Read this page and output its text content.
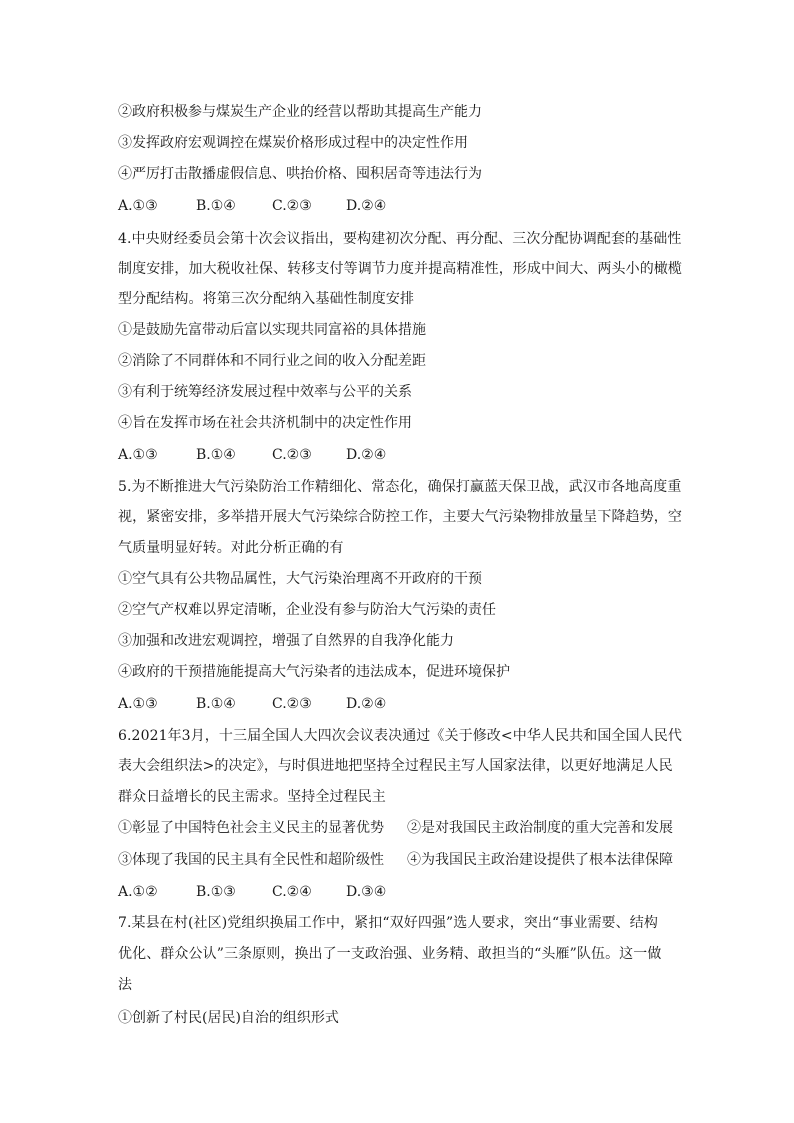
②政府积极参与煤炭生产企业的经营以帮助其提高生产能力
③发挥政府宏观调控在煤炭价格形成过程中的决定性作用
④严厉打击散播虚假信息、哄抬价格、囤积居奇等违法行为
A.①③	B.①④	C.②③ D.②④
4.中央财经委员会第十次会议指出，要构建初次分配、再分配、三次分配协调配套的基础性
制度安排，加大税收社保、转移支付等调节力度并提高精准性，形成中间大、两头小的橄榄
型分配结构。将第三次分配纳入基础性制度安排
①是鼓励先富带动后富以实现共同富裕的具体措施
②消除了不同群体和不同行业之间的收入分配差距
③有利于统筹经济发展过程中效率与公平的关系
④旨在发挥市场在社会共济机制中的决定性作用
A.①③	B.①④	C.②③ D.②④
5.为不断推进大气污染防治工作精细化、常态化，确保打赢蓝天保卫战，武汉市各地高度重
视，紧密安排，多举措开展大气污染综合防控工作，主要大气污染物排放量呈下降趋势，空
气质量明显好转。对此分析正确的有
①空气具有公共物品属性，大气污染治理离不开政府的干预
②空气产权难以界定清晰，企业没有参与防治大气污染的责任
③加强和改进宏观调控，增强了自然界的自我净化能力
④政府的干预措施能提高大气污染者的违法成本，促进环境保护
A.①③	B.①④	C.②③ D.②④
6.2021年3月，十三届全国人大四次会议表决通过《关于修改<中华人民共和国全国人民代
表大会组织法>的决定》，与时俱进地把坚持全过程民主写人国家法律，以更好地满足人民
群众日益增长的民主需求。坚持全过程民主
①彰显了中国特色社会主义民主的显著优势 ②是对我国民主政治制度的重大完善和发展
③体现了我国的民主具有全民性和超阶级性 ④为我国民主政治建设提供了根本法律保障
A.①②	B.①③	C.②④ D.③④
7.某县在村(社区)党组织换届工作中，紧扣“双好四强”选人要求，突出“事业需要、结构
优化、群众公认”三条原则，换出了一支政治强、业务精、敢担当的“头雁”队伍。这一做
法
①创新了村民(居民)自治的组织形式
